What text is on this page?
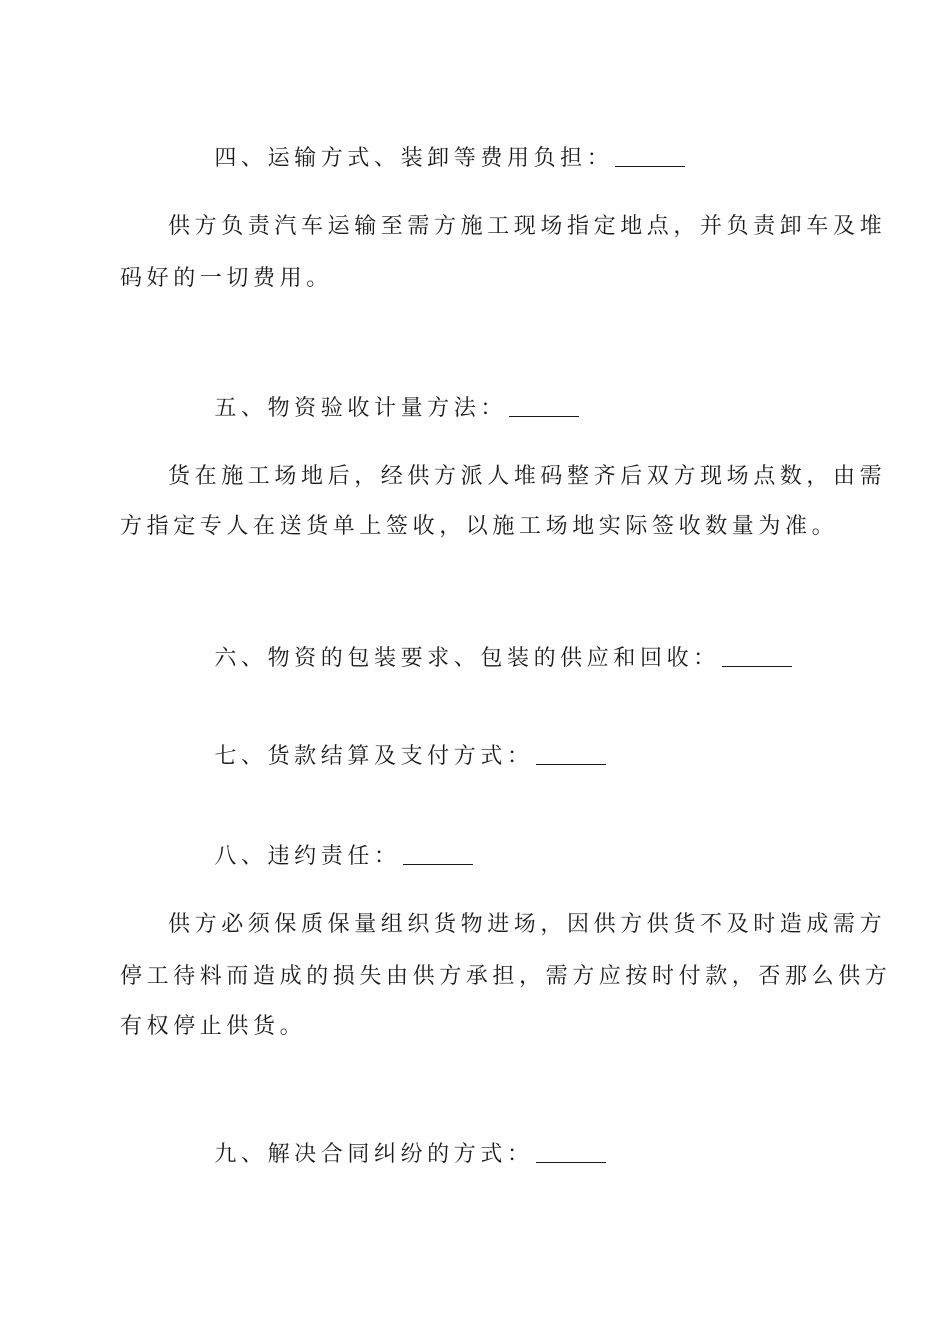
四、运输方式、装卸等费用负担：

供方负责汽车运输至需方施工现场指定地点，并负责卸车及堆
码好的一切费用。

五、物资验收计量方法：

货在施工场地后，经供方派人堆码整齐后双方现场点数，由需
方指定专人在送货单上签收，以施工场地实际签收数量为准。

六、物资的包装要求、包装的供应和回收：

七、货款结算及支付方式：

八、违约责任：

供方必须保质保量组织货物进场，因供方供货不及时造成需方
停工待料而造成的损失由供方承担，需方应按时付款，否那么供方
有权停止供货。

九、解决合同纠纷的方式：
